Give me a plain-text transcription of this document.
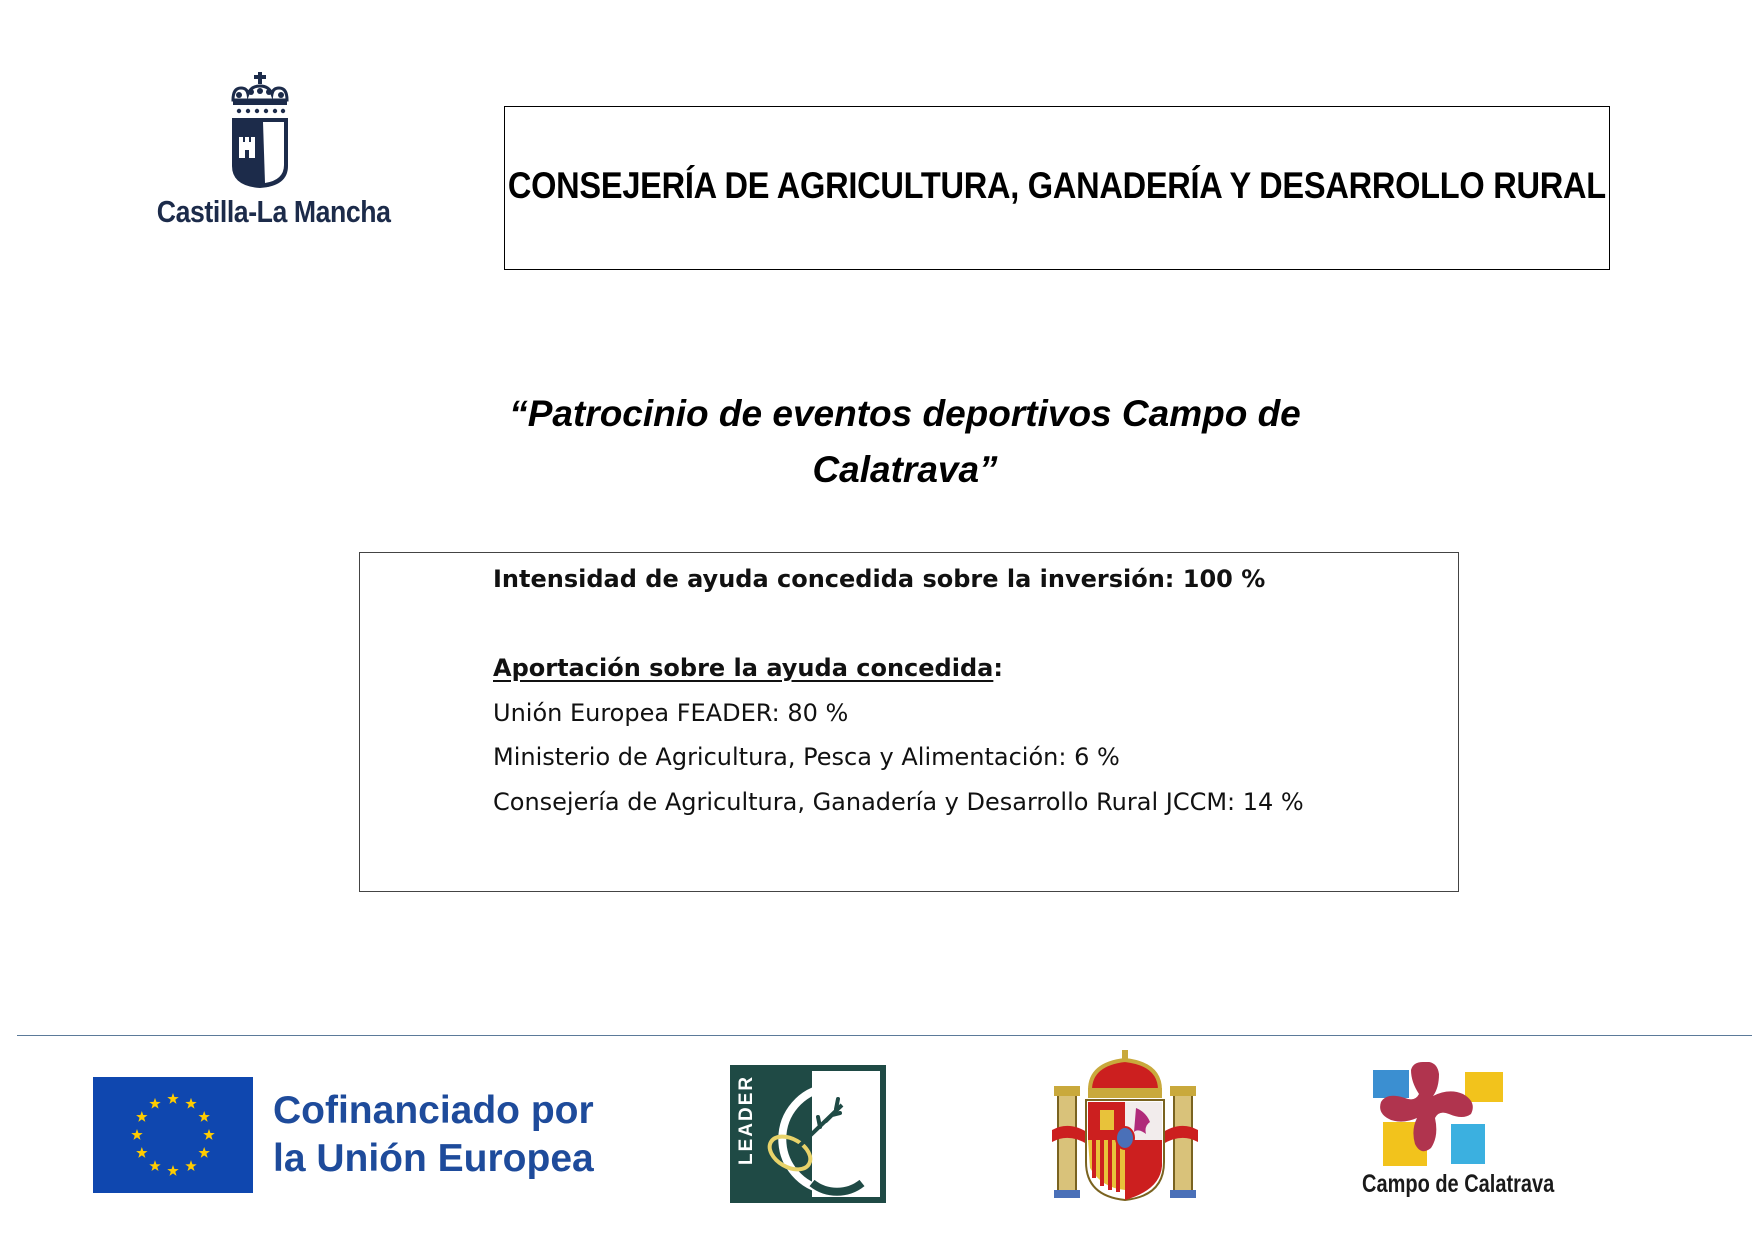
Castilla-La Mancha
CONSEJERÍA DE AGRICULTURA, GANADERÍA Y DESARROLLO RURAL
“Patrocinio de eventos deportivos Campo de
Calatrava”
Intensidad de ayuda concedida sobre la inversión: 100 %
Aportación sobre la ayuda concedida:
Unión Europea FEADER: 80 %
Ministerio de Agricultura, Pesca y Alimentación: 6 %
Consejería de Agricultura, Ganadería y Desarrollo Rural JCCM: 14 %
Cofinanciado por
la Unión Europea	LEADER
Campo de Calatrava
